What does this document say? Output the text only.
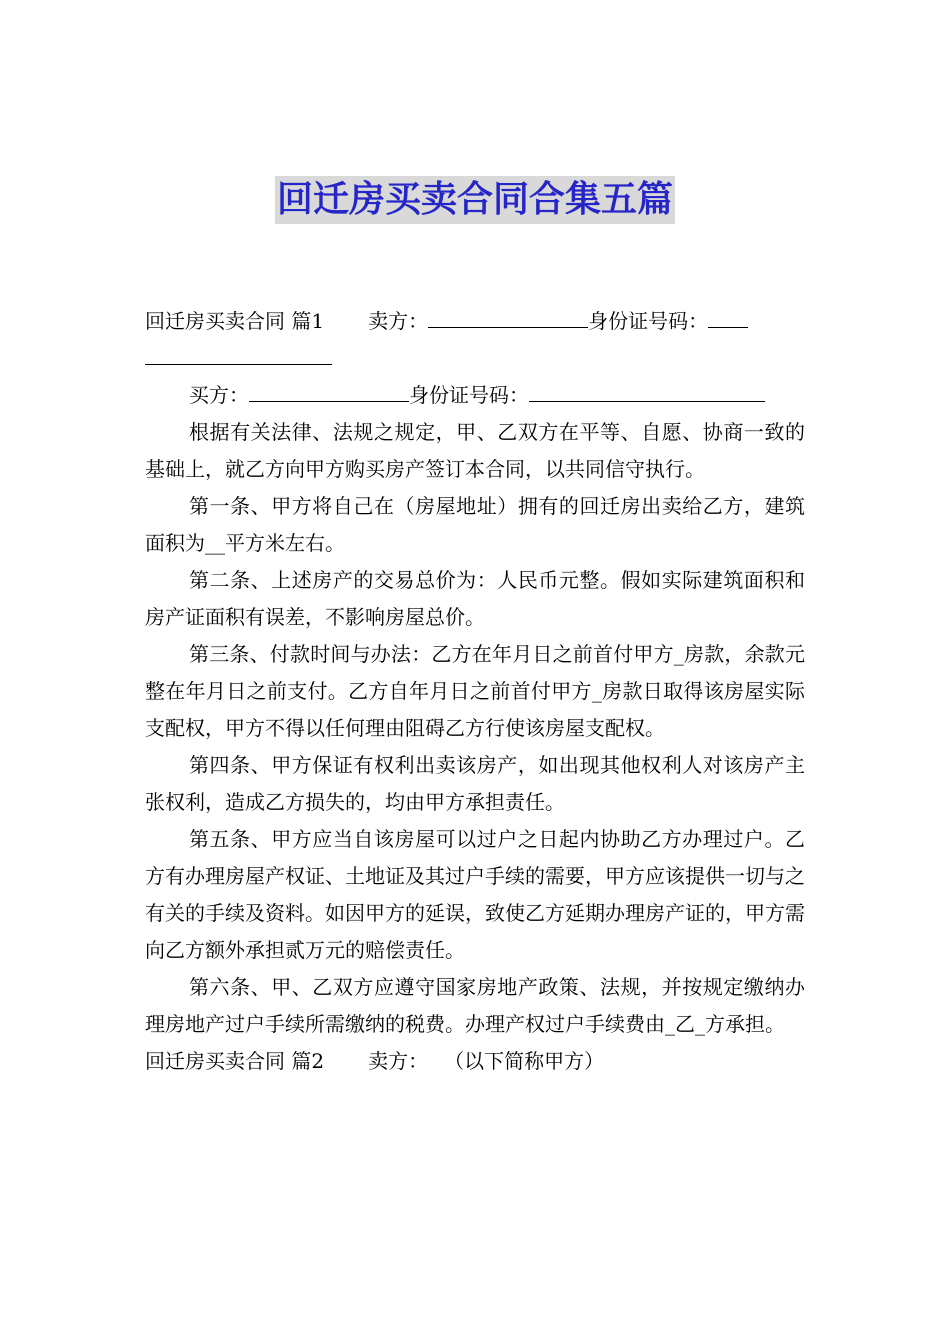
回迁房买卖合同合集五篇
回迁房买卖合同 篇1 卖方：	身份证号码：
买方：	身份证号码：
根据有关法律、法规之规定，甲、乙双方在平等、自愿、协商一致的基础上，就乙方向甲方购买房产签订本合同，以共同信守执行。
第一条、甲方将自己在（房屋地址）拥有的回迁房出卖给乙方，建筑面积为__平方米左右。
第二条、上述房产的交易总价为：人民币元整。假如实际建筑面积和房产证面积有误差，不影响房屋总价。
第三条、付款时间与办法：乙方在年月日之前首付甲方_房款，余款元整在年月日之前支付。乙方自年月日之前首付甲方_房款日取得该房屋实际支配权，甲方不得以任何理由阻碍乙方行使该房屋支配权。
第四条、甲方保证有权利出卖该房产，如出现其他权利人对该房产主张权利，造成乙方损失的，均由甲方承担责任。
第五条、甲方应当自该房屋可以过户之日起内协助乙方办理过户。乙方有办理房屋产权证、土地证及其过户手续的需要，甲方应该提供一切与之有关的手续及资料。如因甲方的延误，致使乙方延期办理房产证的，甲方需向乙方额外承担贰万元的赔偿责任。
第六条、甲、乙双方应遵守国家房地产政策、法规，并按规定缴纳办理房地产过户手续所需缴纳的税费。办理产权过户手续费由_乙_方承担。
回迁房买卖合同 篇2 卖方： （以下简称甲方）
